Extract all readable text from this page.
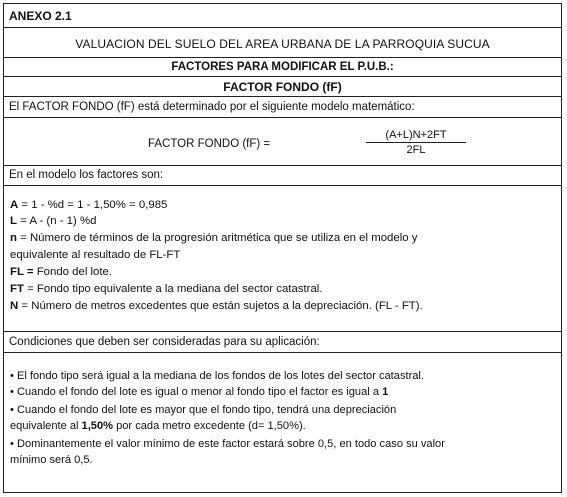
ANEXO 2.1
VALUACION DEL SUELO DEL AREA URBANA DE LA PARROQUIA SUCUA
FACTORES PARA MODIFICAR EL P.U.B.:
FACTOR FONDO (fF)
El FACTOR FONDO (fF) está determinado por el siguiente modelo matemático:
FACTOR FONDO (fF) =
(A+L)N+2FT
2FL
En el modelo los factores son:
A = 1 - %d = 1 - 1,50% = 0,985
L = A - (n - 1) %d
n = Número de términos de la progresión aritmética que se utiliza en el modelo y
equivalente al resultado de FL-FT
FL = Fondo del lote.
FT = Fondo tipo equivalente a la mediana del sector catastral.
N = Número de metros excedentes que están sujetos a la depreciación. (FL - FT).
Condiciones que deben ser consideradas para su aplicación:
• El fondo tipo será igual a la mediana de los fondos de los lotes del sector catastral.
• Cuando el fondo del lote es igual o menor al fondo tipo el factor es igual a 1
• Cuando el fondo del lote es mayor que el fondo tipo, tendrá una depreciación
equivalente al 1,50% por cada metro excedente (d= 1,50%).
• Dominantemente el valor mínimo de este factor estará sobre 0,5, en todo caso su valor
mínimo será 0,5.
